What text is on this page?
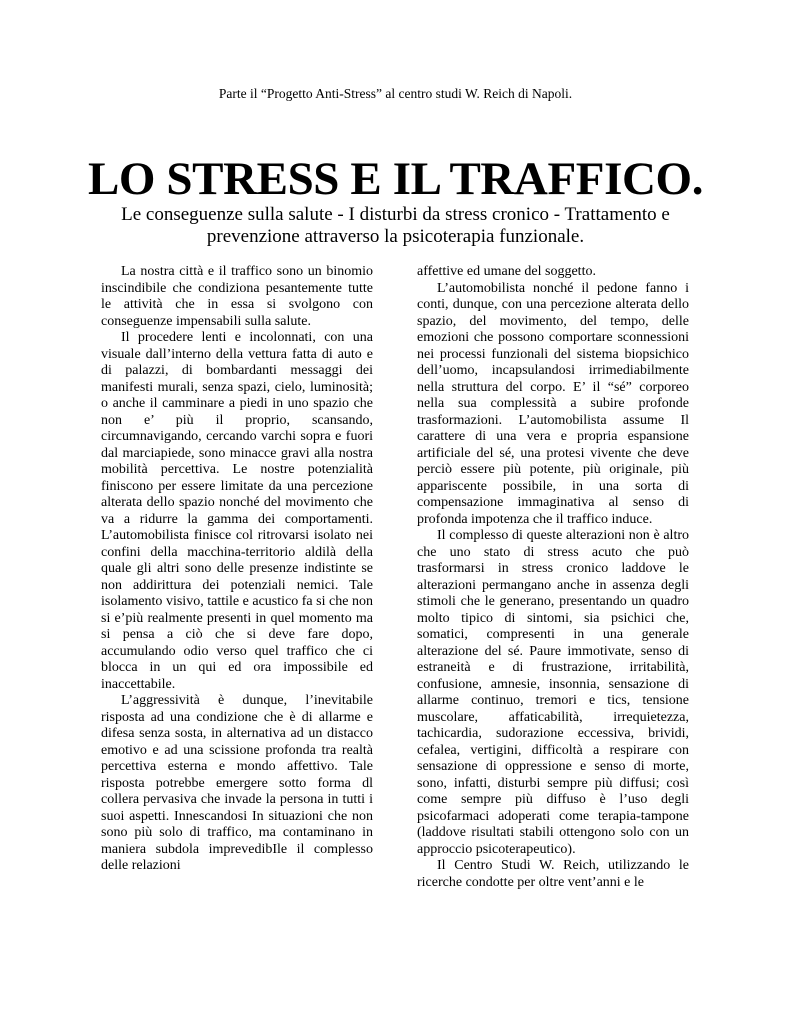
Parte il “Progetto Anti-Stress” al centro studi W. Reich di Napoli.
LO STRESS E IL TRAFFICO.
Le conseguenze sulla salute - I disturbi da stress cronico - Trattamento e prevenzione attraverso la psicoterapia funzionale.

La nostra città e il traffico sono un binomio inscindibile che condiziona pesantemente tutte le attività che in essa si svolgono con conseguenze impensabili sulla salute.

Il procedere lenti e incolonnati, con una visuale dall’interno della vettura fatta di auto e di palazzi, di bombardanti messaggi dei manifesti murali, senza spazi, cielo, luminosità; o anche il camminare a piedi in uno spazio che non e’ più il proprio, scansando, circumnavigando, cercando varchi sopra e fuori dal marciapiede, sono minacce gravi alla nostra mobilità percettiva. Le nostre potenzialità finiscono per essere limitate da una percezione alterata dello spazio nonché del movimento che va a ridurre la gamma dei comportamenti. L’automobilista finisce col ritrovarsi isolato nei confini della macchina-territorio aldilà della quale gli altri sono delle presenze indistinte se non addirittura dei potenziali nemici. Tale isolamento visivo, tattile e acustico fa si che non si e’più realmente presenti in quel momento ma si pensa a ciò che si deve fare dopo, accumulando odio verso quel traffico che ci blocca in un qui ed ora impossibile ed inaccettabile.

L’aggressività è dunque, l’inevitabile risposta ad una condizione che è di allarme e difesa senza sosta, in alternativa ad un distacco emotivo e ad una scissione profonda tra realtà percettiva esterna e mondo affettivo. Tale risposta potrebbe emergere sotto forma dl collera pervasiva che invade la persona in tutti i suoi aspetti. Innescandosi In situazioni che non sono più solo di traffico, ma contaminano in maniera subdola imprevedibIle il complesso delle relazioni

affettive ed umane del soggetto.

L’automobilista nonché il pedone fanno i conti, dunque, con una percezione alterata dello spazio, del movimento, del tempo, delle emozioni che possono comportare sconnessioni nei processi funzionali del sistema biopsichico dell’uomo, incapsulandosi irrimediabilmente nella struttura del corpo. E’ il “sé” corporeo nella sua complessità a subire profonde trasformazioni. L’automobilista assume Il carattere di una vera e propria espansione artificiale del sé, una protesi vivente che deve perciò essere più potente, più originale, più appariscente possibile, in una sorta di compensazione immaginativa al senso di profonda impotenza che il traffico induce.

Il complesso di queste alterazioni non è altro che uno stato di stress acuto che può trasformarsi in stress cronico laddove le alterazioni permangano anche in assenza degli stimoli che le generano, presentando un quadro molto tipico di sintomi, sia psichici che, somatici, compresenti in una generale alterazione del sé. Paure immotivate, senso di estraneità e di frustrazione, irritabilità, confusione, amnesie, insonnia, sensazione di allarme continuo, tremori e tics, tensione muscolare, affaticabilità, irrequietezza, tachicardia, sudorazione eccessiva, brividi, cefalea, vertigini, difficoltà a respirare con sensazione di oppressione e senso di morte, sono, infatti, disturbi sempre più diffusi; così come sempre più diffuso è l’uso degli psicofarmaci adoperati come terapia-tampone (laddove risultati stabili ottengono solo con un approccio psicoterapeutico).

Il Centro Studi W. Reich, utilizzando le ricerche condotte per oltre vent’anni e le
